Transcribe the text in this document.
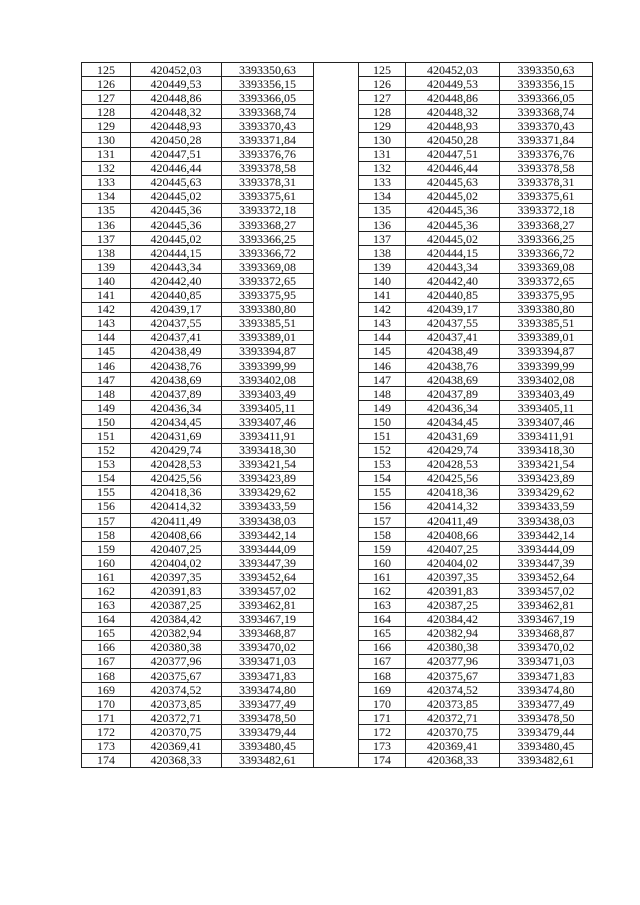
125	420452,03	3393350,63		125	420452,03	3393350,63
126	420449,53	3393356,15		126	420449,53	3393356,15
127	420448,86	3393366,05		127	420448,86	3393366,05
128	420448,32	3393368,74		128	420448,32	3393368,74
129	420448,93	3393370,43		129	420448,93	3393370,43
130	420450,28	3393371,84		130	420450,28	3393371,84
131	420447,51	3393376,76		131	420447,51	3393376,76
132	420446,44	3393378,58		132	420446,44	3393378,58
133	420445,63	3393378,31		133	420445,63	3393378,31
134	420445,02	3393375,61		134	420445,02	3393375,61
135	420445,36	3393372,18		135	420445,36	3393372,18
136	420445,36	3393368,27		136	420445,36	3393368,27
137	420445,02	3393366,25		137	420445,02	3393366,25
138	420444,15	3393366,72		138	420444,15	3393366,72
139	420443,34	3393369,08		139	420443,34	3393369,08
140	420442,40	3393372,65		140	420442,40	3393372,65
141	420440,85	3393375,95		141	420440,85	3393375,95
142	420439,17	3393380,80		142	420439,17	3393380,80
143	420437,55	3393385,51		143	420437,55	3393385,51
144	420437,41	3393389,01		144	420437,41	3393389,01
145	420438,49	3393394,87		145	420438,49	3393394,87
146	420438,76	3393399,99		146	420438,76	3393399,99
147	420438,69	3393402,08		147	420438,69	3393402,08
148	420437,89	3393403,49		148	420437,89	3393403,49
149	420436,34	3393405,11		149	420436,34	3393405,11
150	420434,45	3393407,46		150	420434,45	3393407,46
151	420431,69	3393411,91		151	420431,69	3393411,91
152	420429,74	3393418,30		152	420429,74	3393418,30
153	420428,53	3393421,54		153	420428,53	3393421,54
154	420425,56	3393423,89		154	420425,56	3393423,89
155	420418,36	3393429,62		155	420418,36	3393429,62
156	420414,32	3393433,59		156	420414,32	3393433,59
157	420411,49	3393438,03		157	420411,49	3393438,03
158	420408,66	3393442,14		158	420408,66	3393442,14
159	420407,25	3393444,09		159	420407,25	3393444,09
160	420404,02	3393447,39		160	420404,02	3393447,39
161	420397,35	3393452,64		161	420397,35	3393452,64
162	420391,83	3393457,02		162	420391,83	3393457,02
163	420387,25	3393462,81		163	420387,25	3393462,81
164	420384,42	3393467,19		164	420384,42	3393467,19
165	420382,94	3393468,87		165	420382,94	3393468,87
166	420380,38	3393470,02		166	420380,38	3393470,02
167	420377,96	3393471,03		167	420377,96	3393471,03
168	420375,67	3393471,83		168	420375,67	3393471,83
169	420374,52	3393474,80		169	420374,52	3393474,80
170	420373,85	3393477,49		170	420373,85	3393477,49
171	420372,71	3393478,50		171	420372,71	3393478,50
172	420370,75	3393479,44		172	420370,75	3393479,44
173	420369,41	3393480,45		173	420369,41	3393480,45
174	420368,33	3393482,61		174	420368,33	3393482,61
